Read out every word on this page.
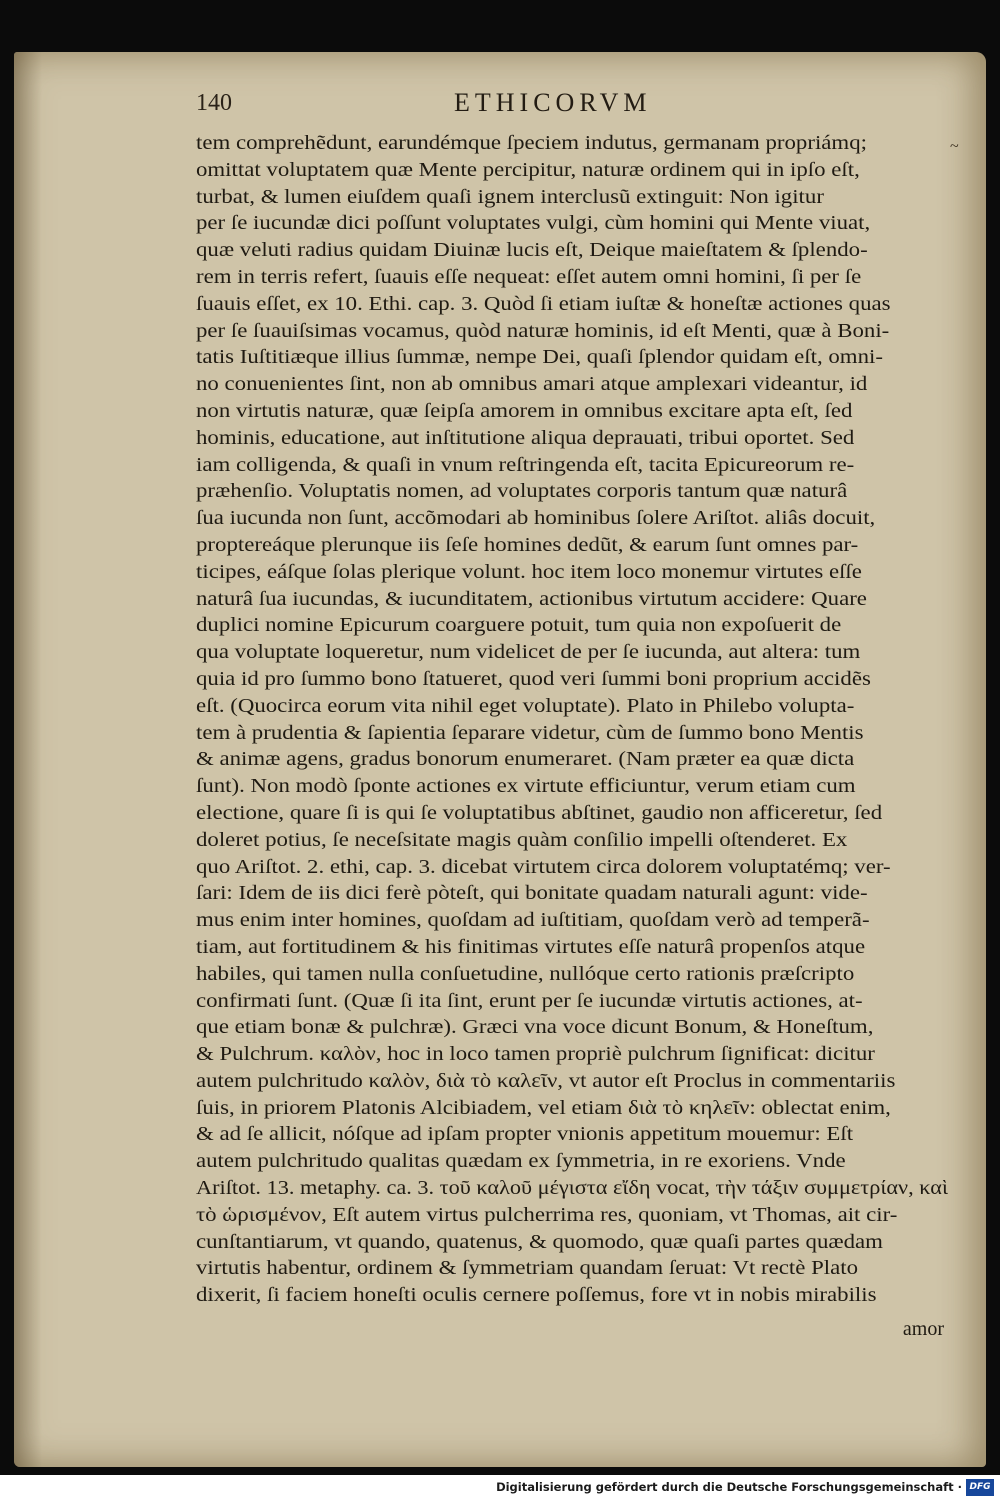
140	ETHICORVM
~
tem comprehẽdunt, earundémque ſpeciem indutus, germanam propriámq;
omittat voluptatem quæ Mente percipitur, naturæ ordinem qui in ipſo eſt,
turbat, & lumen eiuſdem quaſi ignem interclusũ extinguit: Non igitur
per ſe iucundæ dici poſſunt voluptates vulgi, cùm homini qui Mente viuat,
quæ veluti radius quidam Diuinæ lucis eſt, Deique maieſtatem & ſplendo-
rem in terris refert, ſuauis eſſe nequeat: eſſet autem omni homini, ſi per ſe
ſuauis eſſet, ex 10. Ethi. cap. 3. Quòd ſi etiam iuſtæ & honeſtæ actiones quas
per ſe ſuauiſsimas vocamus, quòd naturæ hominis, id eſt Menti, quæ à Boni-
tatis Iuſtitiæque illius ſummæ, nempe Dei, quaſi ſplendor quidam eſt, omni-
no conuenientes ſint, non ab omnibus amari atque amplexari videantur, id
non virtutis naturæ, quæ ſeipſa amorem in omnibus excitare apta eſt, ſed
hominis, educatione, aut inſtitutione aliqua deprauati, tribui oportet. Sed
iam colligenda, & quaſi in vnum reſtringenda eſt, tacita Epicureorum re-
præhenſio. Voluptatis nomen, ad voluptates corporis tantum quæ naturâ
ſua iucunda non ſunt, accõmodari ab hominibus ſolere Ariſtot. aliâs docuit,
proptereáque plerunque iis ſeſe homines dedũt, & earum ſunt omnes par-
ticipes, eáſque ſolas plerique volunt. hoc item loco monemur virtutes eſſe
naturâ ſua iucundas, & iucunditatem, actionibus virtutum accidere: Quare
duplici nomine Epicurum coarguere potuit, tum quia non expoſuerit de
qua voluptate loqueretur, num videlicet de per ſe iucunda, aut altera: tum
quia id pro ſummo bono ſtatueret, quod veri ſummi boni proprium accidẽs
eſt. (Quocirca eorum vita nihil eget voluptate). Plato in Philebo volupta-
tem à prudentia & ſapientia ſeparare videtur, cùm de ſummo bono Mentis
& animæ agens, gradus bonorum enumeraret. (Nam præter ea quæ dicta
ſunt). Non modò ſponte actiones ex virtute efficiuntur, verum etiam cum
electione, quare ſi is qui ſe voluptatibus abſtinet, gaudio non afficeretur, ſed
doleret potius, ſe neceſsitate magis quàm conſilio impelli oſtenderet. Ex
quo Ariſtot. 2. ethi, cap. 3. dicebat virtutem circa dolorem voluptatémq; ver-
ſari: Idem de iis dici ferè pòteſt, qui bonitate quadam naturali agunt: vide-
mus enim inter homines, quoſdam ad iuſtitiam, quoſdam verò ad temperã-
tiam, aut fortitudinem & his finitimas virtutes eſſe naturâ propenſos atque
habiles, qui tamen nulla conſuetudine, nullóque certo rationis præſcripto
confirmati ſunt. (Quæ ſi ita ſint, erunt per ſe iucundæ virtutis actiones, at-
que etiam bonæ & pulchræ). Græci vna voce dicunt Bonum, & Honeſtum,
& Pulchrum. καλὸν, hoc in loco tamen propriè pulchrum ſignificat: dicitur
autem pulchritudo καλὸν, διὰ τὸ καλεῖν, vt autor eſt Proclus in commentariis
ſuis, in priorem Platonis Alcibiadem, vel etiam διὰ τὸ κηλεῖν: oblectat enim,
& ad ſe allicit, nóſque ad ipſam propter vnionis appetitum mouemur: Eſt
autem pulchritudo qualitas quædam ex ſymmetria, in re exoriens. Vnde
Ariſtot. 13. metaphy. ca. 3. τοῦ καλοῦ μέγιστα εἴδη vocat, τὴν τάξιν συμμετρίαν, καὶ
τὸ ὡρισμένον, Eſt autem virtus pulcherrima res, quoniam, vt Thomas, ait cir-
cunſtantiarum, vt quando, quatenus, & quomodo, quæ quaſi partes quædam
virtutis habentur, ordinem & ſymmetriam quandam ſeruat: Vt rectè Plato
dixerit, ſi faciem honeſti oculis cernere poſſemus, fore vt in nobis mirabilis
amor
Digitalisierung gefördert durch die Deutsche Forschungsgemeinschaft · DFG
